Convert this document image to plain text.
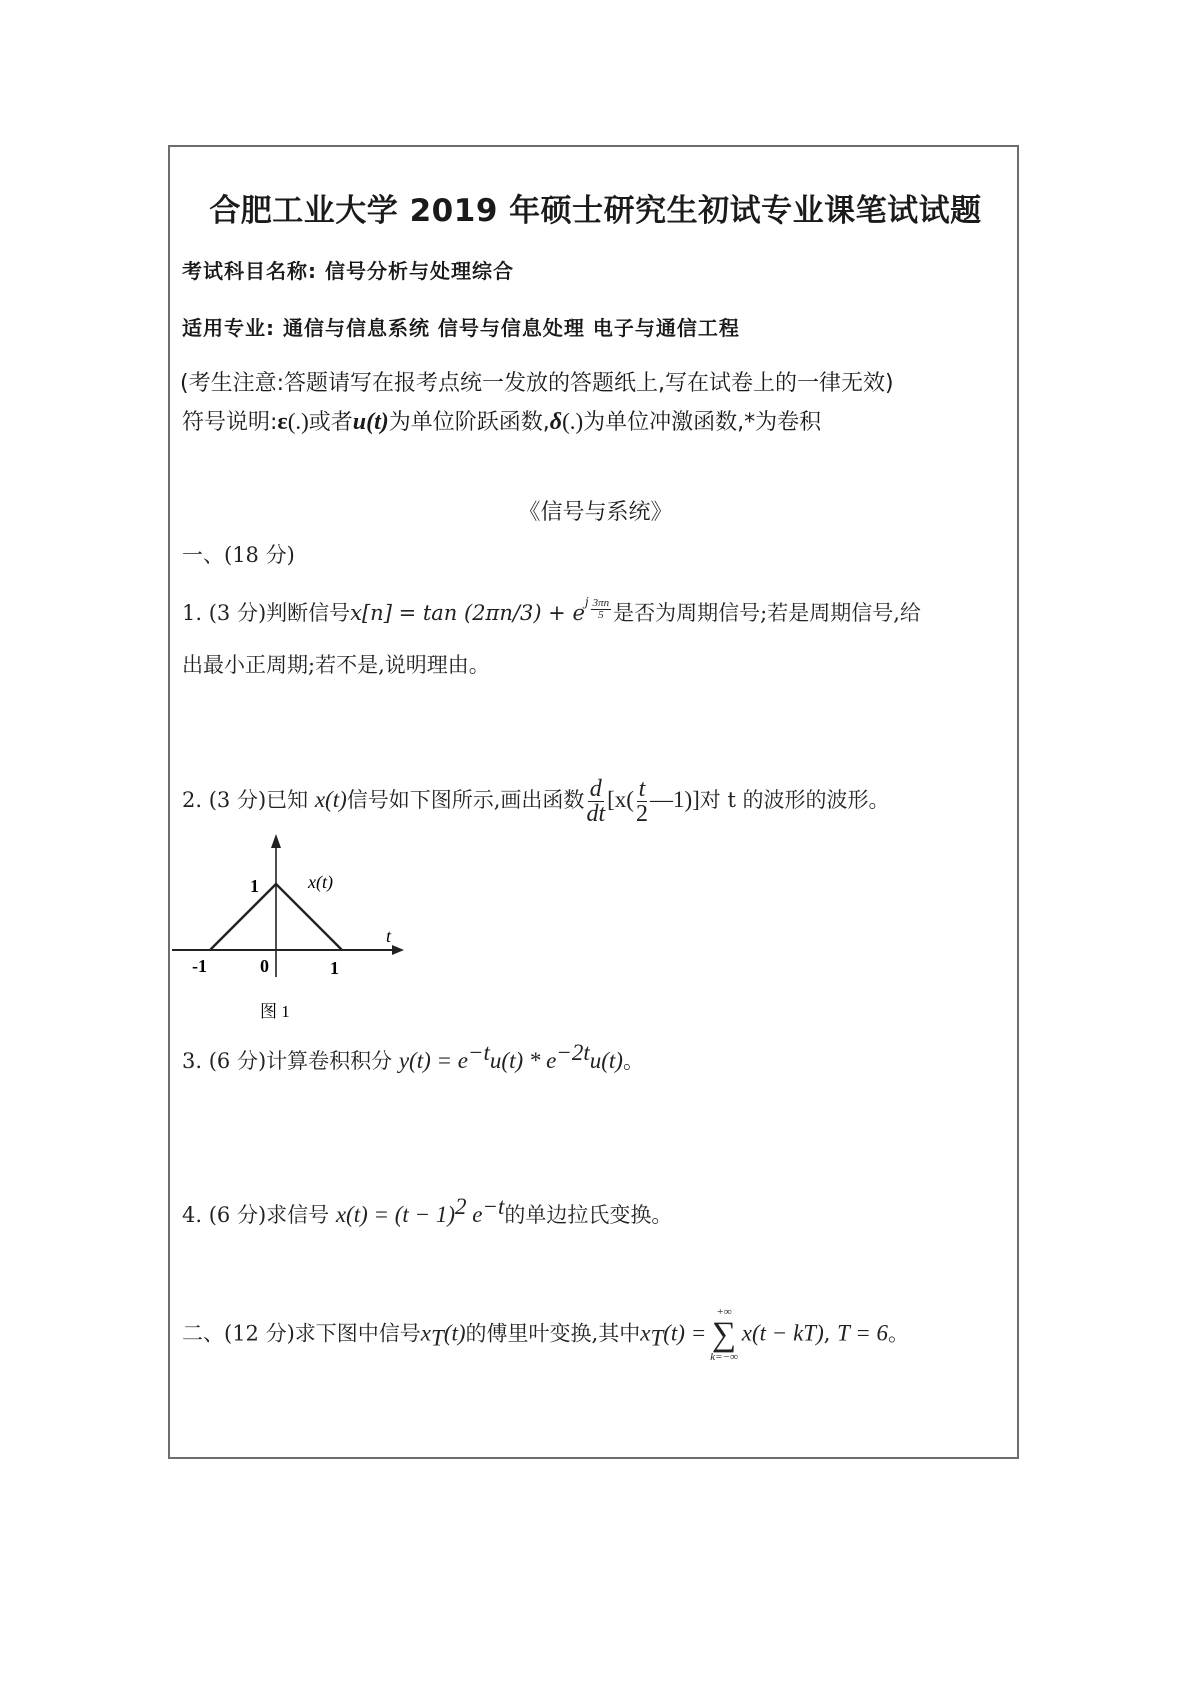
合肥工业大学 2019 年硕士研究生初试专业课笔试试题
考试科目名称: 信号分析与处理综合
适用专业: 通信与信息系统 信号与信息处理 电子与通信工程
(考生注意:答题请写在报考点统一发放的答题纸上,写在试卷上的一律无效)
符号说明:ε(.)或者u(t)为单位阶跃函数,δ(.)为单位冲激函数,*为卷积
《信号与系统》
一、(18 分)
1. (3 分)判断信号$x[n] = \tan (2\pi n/3) + e^j \frac{3\pi n}{5}$ 是否为周期信号;若是周期信号,给
出最小正周期;若不是,说明理由。
2. (3 分)已知 x(t)信号如下图所示,画出函数 $\frac{d}{dt} [x( \frac{t}{2}$ —1)]对 t 的波形的波形。
t
x(t)
1
-1	0	1
图 1
3. (6 分)计算卷积积分 $y(t) = e^{-t}u(t) * e^{-2t}u(t)$。
4. (6 分)求信号 $x(t) = (t - 1)^2$ $e^{-t}$的单边拉氏变换。
二、(12 分)求下图中信号$x_T(t)$的傅里叶变换,其中$x_T(t)$ =
+∞
∑
k=−∞
x(t − kT), T = 6。
